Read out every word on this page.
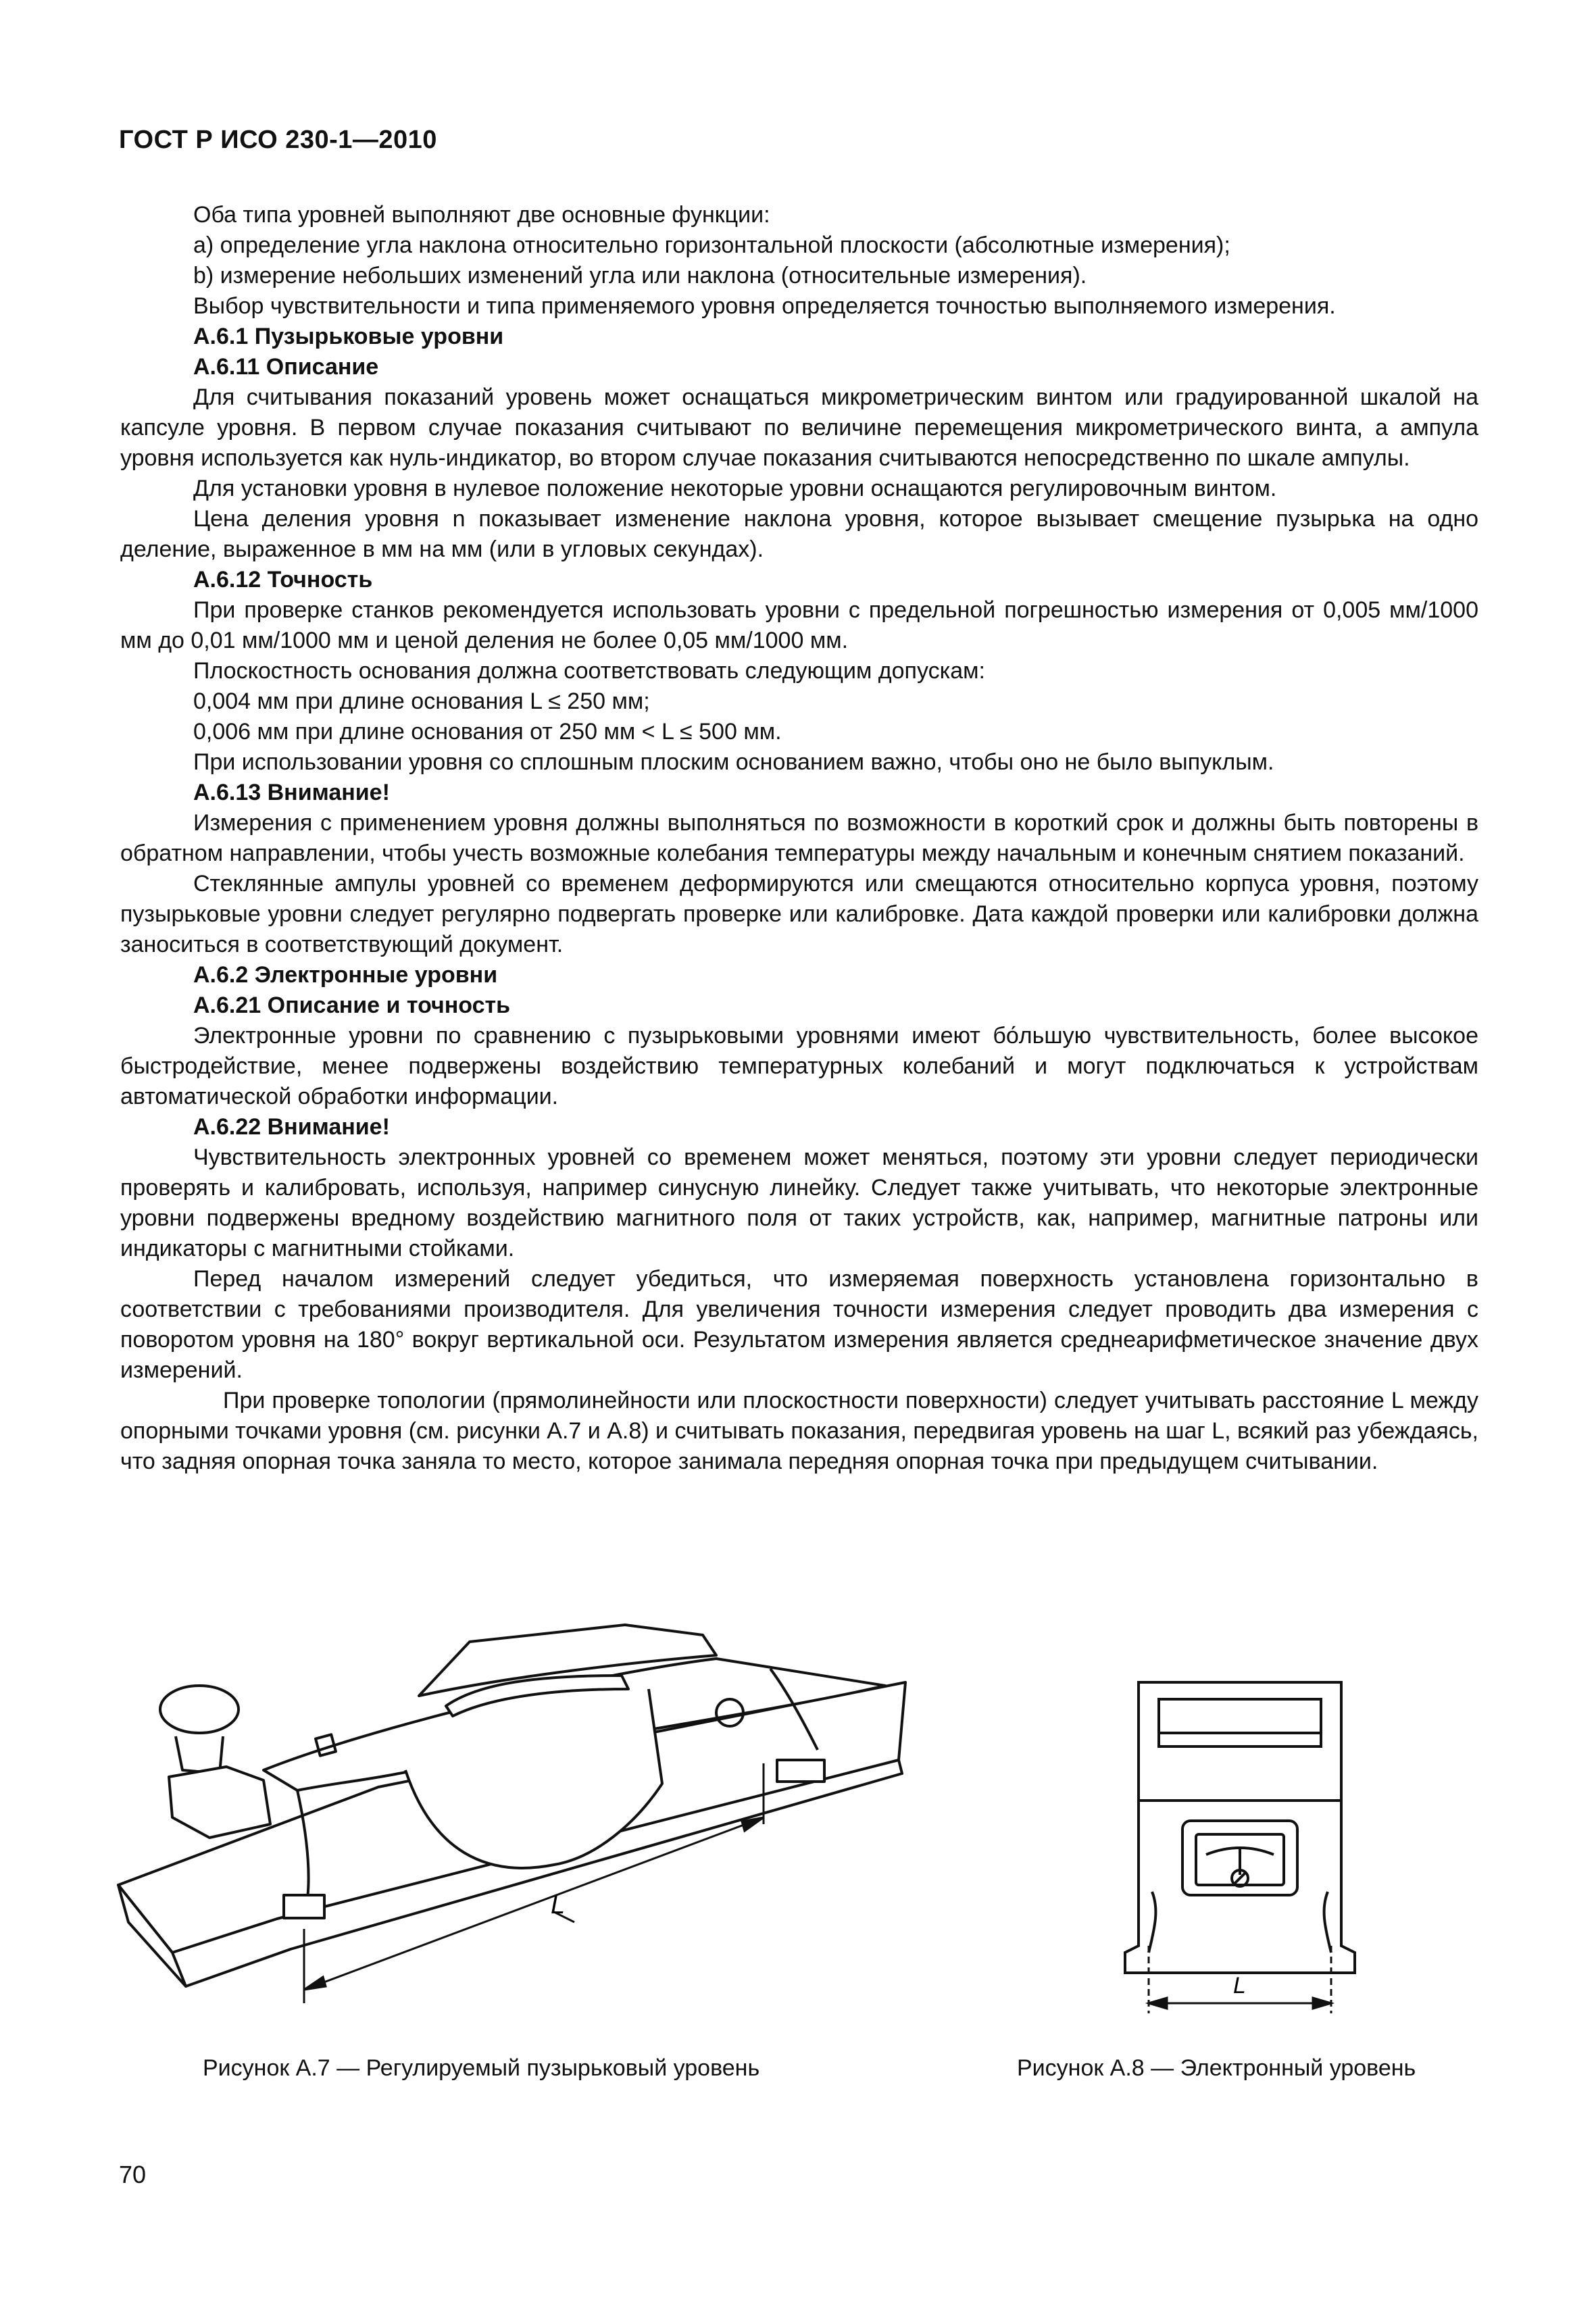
ГОСТ Р ИСО 230-1—2010

Оба типа уровней выполняют две основные функции:

a) определение угла наклона относительно горизонтальной плоскости (абсолютные измерения);

b) измерение небольших изменений угла или наклона (относительные измерения).

Выбор чувствительности и типа применяемого уровня определяется точностью выполняемого измерения.

А.6.1 Пузырьковые уровни

А.6.11 Описание

Для считывания показаний уровень может оснащаться микрометрическим винтом или градуированной шкалой на капсуле уровня. В первом случае показания считывают по величине перемещения микрометрического винта, а ампула уровня используется как нуль-индикатор, во втором случае показания считываются непосредственно по шкале ампулы.

Для установки уровня в нулевое положение некоторые уровни оснащаются регулировочным винтом.

Цена деления уровня n показывает изменение наклона уровня, которое вызывает смещение пузырька на одно деление, выраженное в мм на мм (или в угловых секундах).

А.6.12 Точность

При проверке станков рекомендуется использовать уровни с предельной погрешностью измерения от 0,005 мм/1000 мм до 0,01 мм/1000 мм и ценой деления не более 0,05 мм/1000 мм.

Плоскостность основания должна соответствовать следующим допускам:

0,004 мм при длине основания L ≤ 250 мм;

0,006 мм при длине основания от 250 мм < L ≤ 500 мм.

При использовании уровня со сплошным плоским основанием важно, чтобы оно не было выпуклым.

А.6.13 Внимание!

Измерения с применением уровня должны выполняться по возможности в короткий срок и должны быть повторены в обратном направлении, чтобы учесть возможные колебания температуры между начальным и конечным снятием показаний.

Стеклянные ампулы уровней со временем деформируются или смещаются относительно корпуса уровня, поэтому пузырьковые уровни следует регулярно подвергать проверке или калибровке. Дата каждой проверки или калибровки должна заноситься в соответствующий документ.

А.6.2 Электронные уровни

А.6.21 Описание и точность

Электронные уровни по сравнению с пузырьковыми уровнями имеют бо́льшую чувствительность, более высокое быстродействие, менее подвержены воздействию температурных колебаний и могут подключаться к устройствам автоматической обработки информации.

А.6.22 Внимание!

Чувствительность электронных уровней со временем может меняться, поэтому эти уровни следует периодически проверять и калибровать, используя, например синусную линейку. Следует также учитывать, что некоторые электронные уровни подвержены вредному воздействию магнитного поля от таких устройств, как, например, магнитные патроны или индикаторы с магнитными стойками.

Перед началом измерений следует убедиться, что измеряемая поверхность установлена горизонтально в соответствии с требованиями производителя. Для увеличения точности измерения следует проводить два измерения с поворотом уровня на 180° вокруг вертикальной оси. Результатом измерения является среднеарифметическое значение двух измерений.

При проверке топологии (прямолинейности или плоскостности поверхности) следует учитывать расстояние L между опорными точками уровня (см. рисунки А.7 и А.8) и считывать показания, передвигая уровень на шаг L, всякий раз убеждаясь, что задняя опорная точка заняла то место, которое занимала передняя опорная точка при предыдущем считывании.

L
L
Рисунок А.7 — Регулируемый пузырьковый уровень	Рисунок А.8 — Электронный уровень
70
